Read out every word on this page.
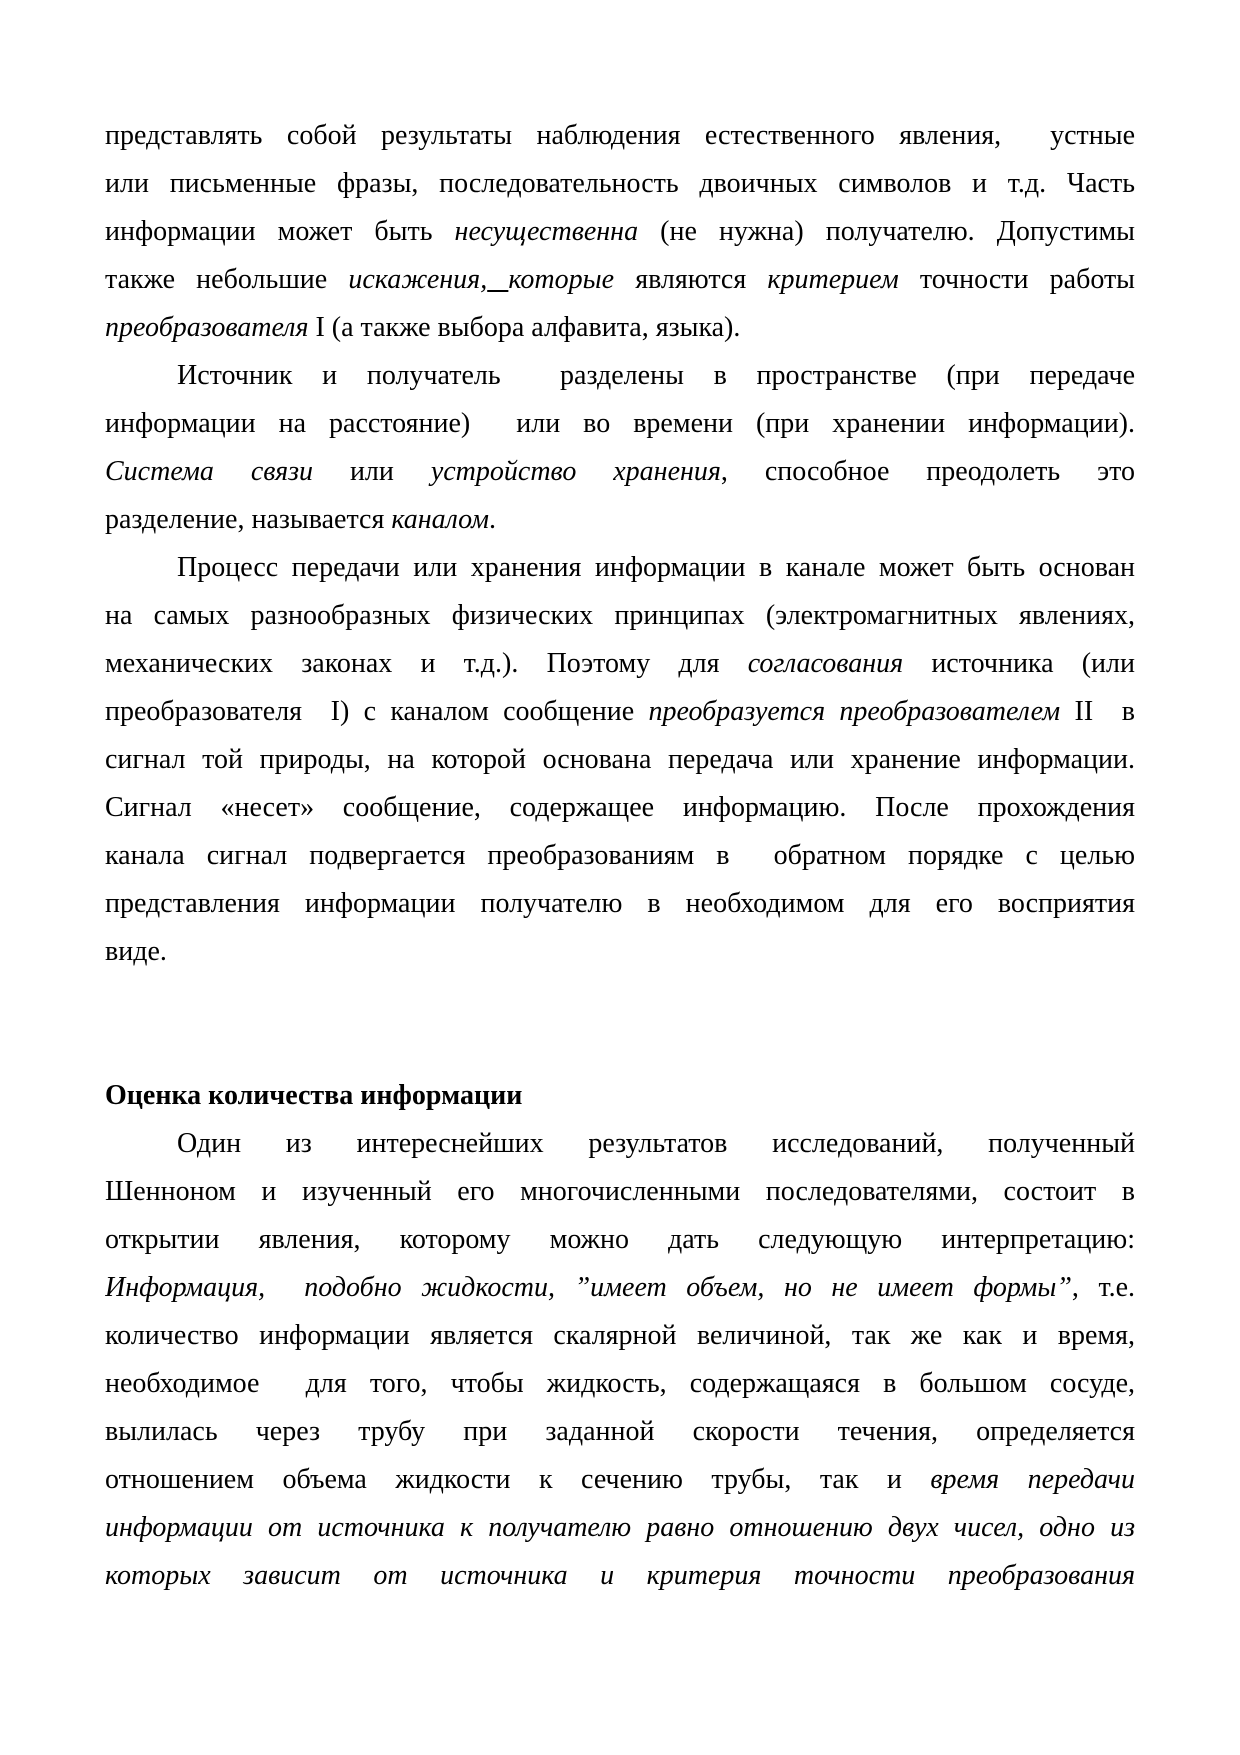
представлять собой результаты наблюдения естественного явления,  устные
или письменные фразы, последовательность двоичных символов и т.д. Часть
информации может быть несущественна (не нужна) получателю. Допустимы
также небольшие искажения, которые являются критерием точности работы
преобразователя I (а также выбора алфавита, языка).
Источник и получатель  разделены в пространстве (при передаче
информации на расстояние)  или во времени (при хранении информации).
Система связи или устройство хранения, способное преодолеть это
разделение, называется каналом.
Процесс передачи или хранения информации в канале может быть основан
на самых разнообразных физических принципах (электромагнитных явлениях,
механических законах и т.д.). Поэтому для согласования источника (или
преобразователя  I) с каналом сообщение преобразуется преобразователем II  в
сигнал той природы, на которой основана передача или хранение информации.
Сигнал «несет» сообщение, содержащее информацию. После прохождения
канала сигнал подвергается преобразованиям в  обратном порядке с целью
представления информации получателю в необходимом для его восприятия
виде.
Оценка количества информации
Один из интереснейших результатов исследований, полученный
Шенноном и изученный его многочисленными последователями, состоит в
открытии явления, которому можно дать следующую интерпретацию:
Информация,  подобно жидкости, ”имеет объем, но не имеет формы”, т.е.
количество информации является скалярной величиной, так же как и время,
необходимое  для того, чтобы жидкость, содержащаяся в большом сосуде,
вылилась через трубу при заданной скорости течения, определяется
отношением объема жидкости к сечению трубы, так и время передачи
информации от источника к получателю равно отношению двух чисел, одно из
которых зависит от источника и критерия точности преобразования
